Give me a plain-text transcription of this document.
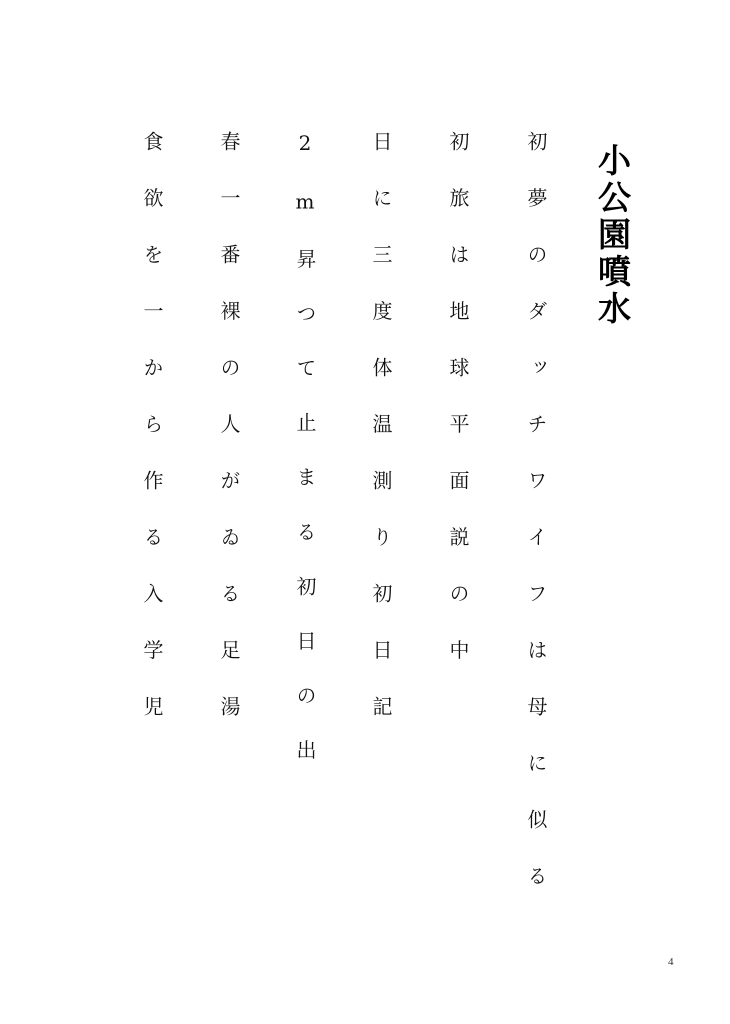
小公園噴水
初夢のダッチワイフは母に似る
初旅は地球平面説の中
日に三度体温測り初日記
2m昇つて止まる初日の出
春一番裸の人がゐる足湯
食欲を一から作る入学児
4
